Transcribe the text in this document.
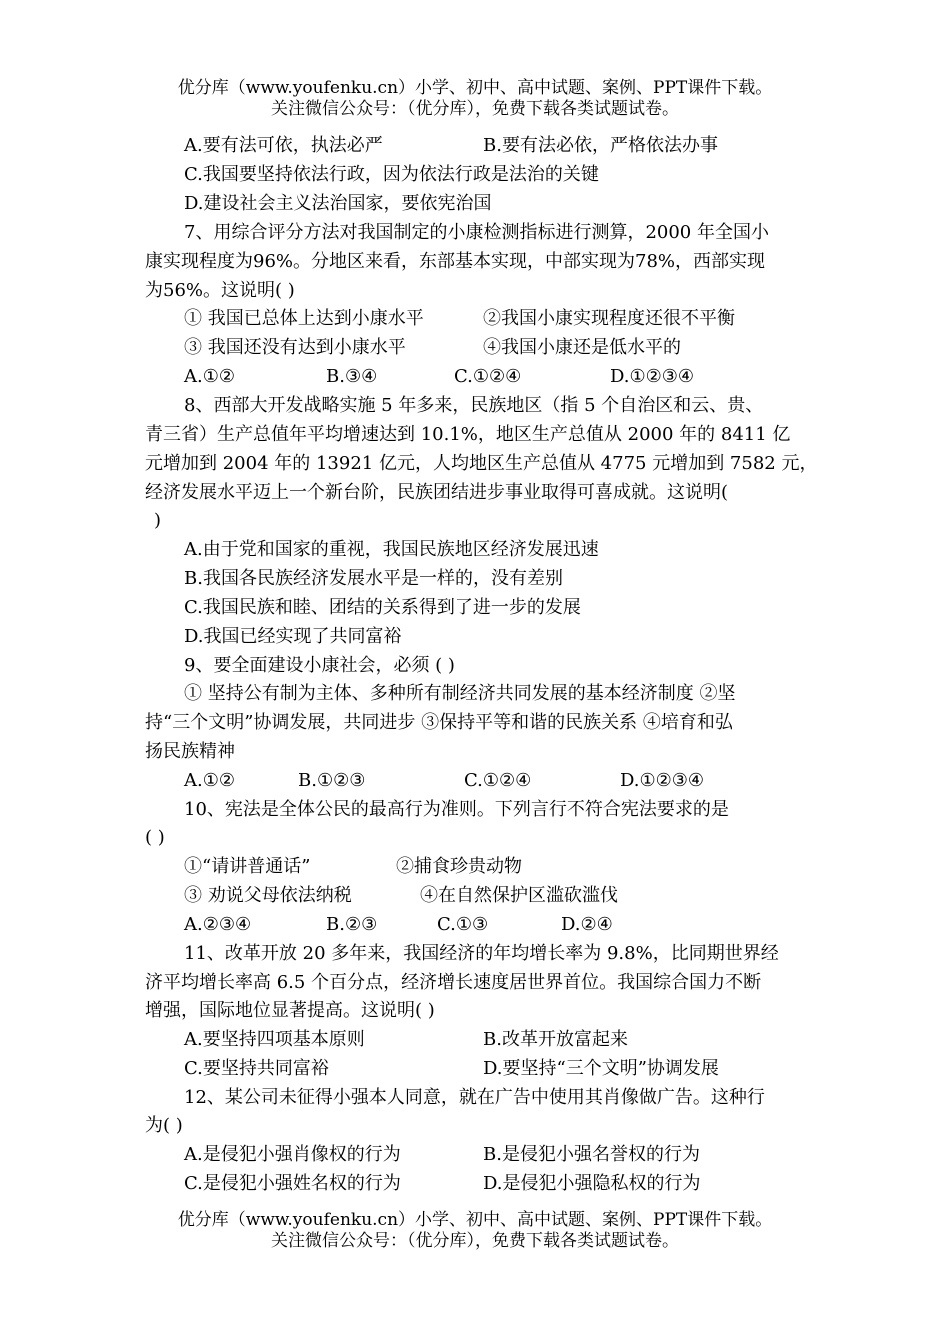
优分库（www.youfenku.cn）小学、初中、高中试题、案例、PPT课件下载。
关注微信公众号：（优分库），免费下载各类试题试卷。
A.要有法可依，执法必严	B.要有法必依，严格依法办事
C.我国要坚持依法行政，因为依法行政是法治的关键
D.建设社会主义法治国家，要依宪治国
7、用综合评分方法对我国制定的小康检测指标进行测算，2000 年全国小
康实现程度为96%。分地区来看，东部基本实现，中部实现为78%，西部实现
为56%。这说明( )
① 我国已总体上达到小康水平	②我国小康实现程度还很不平衡
③ 我国还没有达到小康水平	④我国小康还是低水平的
A.①②	B.③④	C.①②④	D.①②③④
8、西部大开发战略实施 5 年多来，民族地区（指 5 个自治区和云、贵、
青三省）生产总值年平均增速达到 10.1%，地区生产总值从 2000 年的 8411 亿
元增加到 2004 年的 13921 亿元，人均地区生产总值从 4775 元增加到 7582 元，
经济发展水平迈上一个新台阶，民族团结进步事业取得可喜成就。这说明(
)
A.由于党和国家的重视，我国民族地区经济发展迅速
B.我国各民族经济发展水平是一样的，没有差别
C.我国民族和睦、团结的关系得到了进一步的发展
D.我国已经实现了共同富裕
9、要全面建设小康社会，必须 ( )
① 坚持公有制为主体、多种所有制经济共同发展的基本经济制度 ②坚
持“三个文明”协调发展，共同进步 ③保持平等和谐的民族关系 ④培育和弘
扬民族精神
A.①②	B.①②③	C.①②④	D.①②③④
10、宪法是全体公民的最高行为准则。下列言行不符合宪法要求的是
( )
①“请讲普通话”	②捕食珍贵动物
③ 劝说父母依法纳税	④在自然保护区滥砍滥伐
A.②③④	B.②③	C.①③	D.②④
11、改革开放 20 多年来，我国经济的年均增长率为 9.8%，比同期世界经
济平均增长率高 6.5 个百分点，经济增长速度居世界首位。我国综合国力不断
增强，国际地位显著提高。这说明( )
A.要坚持四项基本原则	B.改革开放富起来
C.要坚持共同富裕	D.要坚持“三个文明”协调发展
12、某公司未征得小强本人同意，就在广告中使用其肖像做广告。这种行
为( )
A.是侵犯小强肖像权的行为	B.是侵犯小强名誉权的行为
C.是侵犯小强姓名权的行为	D.是侵犯小强隐私权的行为
优分库（www.youfenku.cn）小学、初中、高中试题、案例、PPT课件下载。
关注微信公众号：（优分库），免费下载各类试题试卷。
